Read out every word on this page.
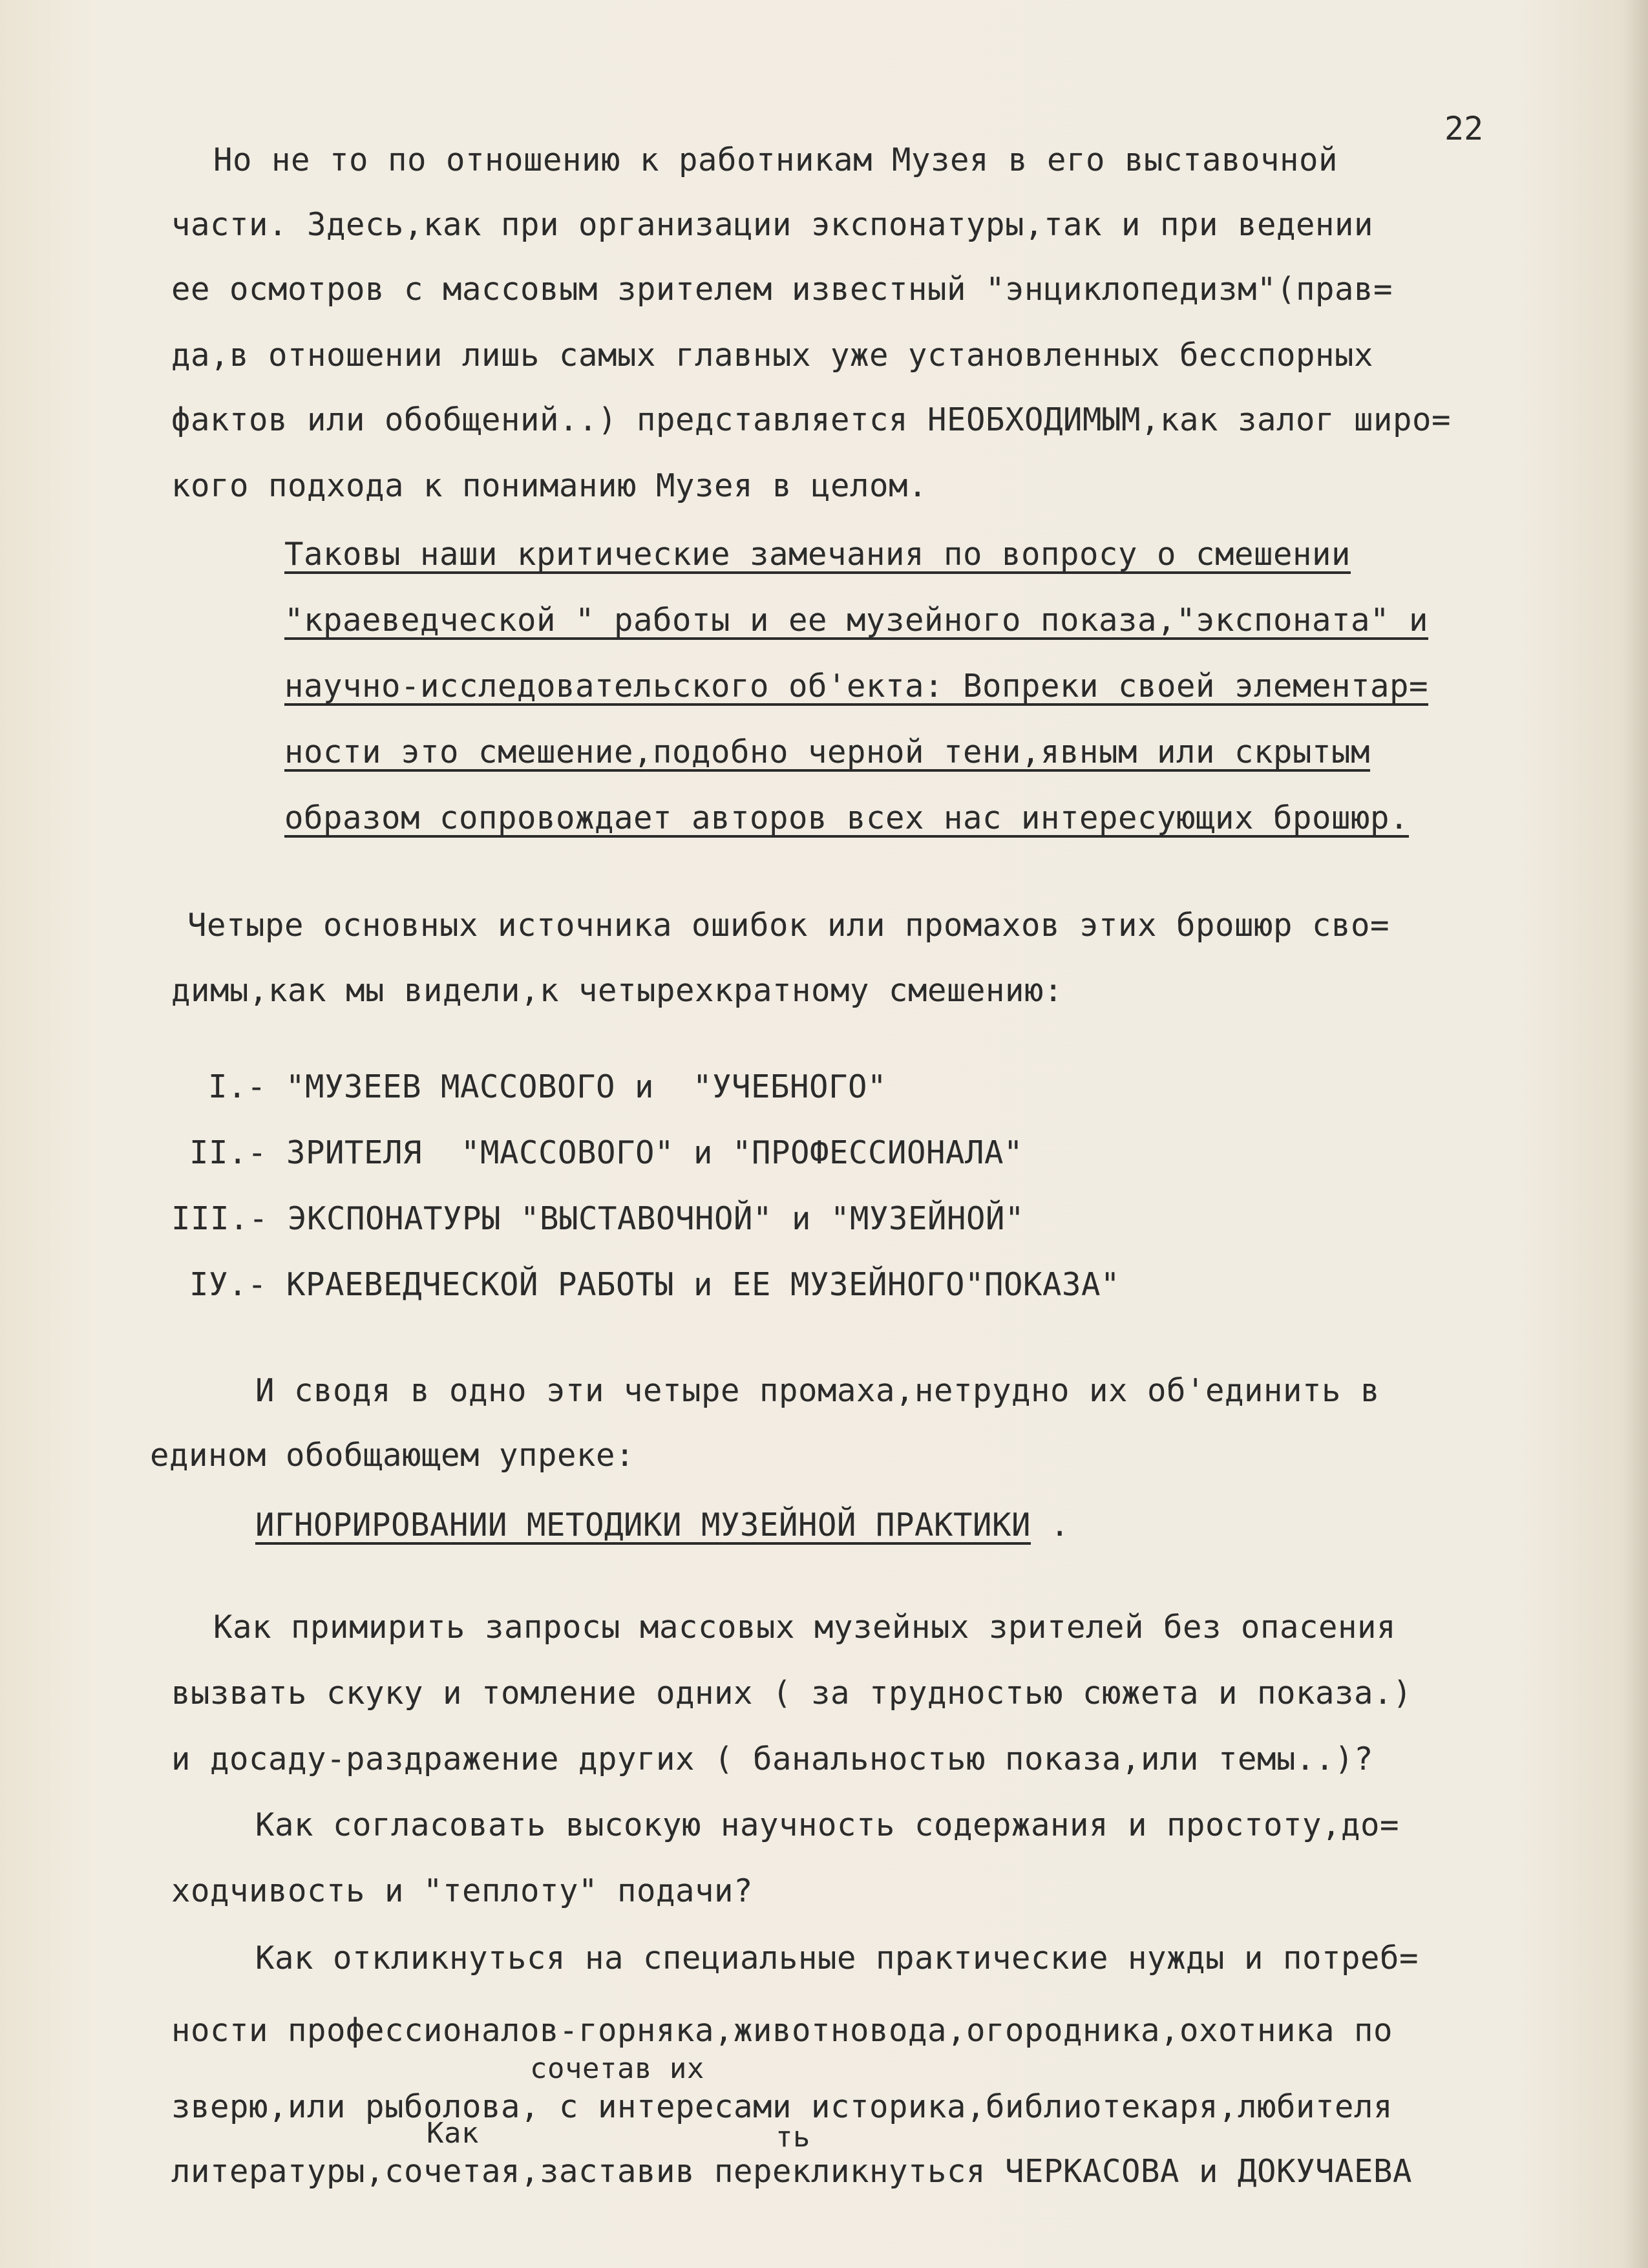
22
Но не то по отношению к работникам Музея в его выставочной
части. Здесь,как при организации экспонатуры,так и при ведении
ее осмотров с массовым зрителем известный "энциклопедизм"(прав=
да,в отношении лишь самых главных уже установленных бесспорных
фактов или обобщений..) представляется НЕОБХОДИМЫМ,как залог широ=
кого подхода к пониманию Музея в целом.
Таковы наши критические замечания по вопросу о смешении
"краеведческой " работы и ее музейного показа,"экспоната" и
научно-исследовательского об'екта: Вопреки своей элементар=
ности это смешение,подобно черной тени,явным или скрытым
образом сопровождает авторов всех нас интересующих брошюр.
Четыре основных источника ошибок или промахов этих брошюр сво=
димы,как мы видели,к четырехкратному смешению:
I.- "МУЗЕЕВ МАССОВОГО и  "УЧЕБНОГО"
II.- ЗРИТЕЛЯ  "МАССОВОГО" и "ПРОФЕССИОНАЛА"
III.- ЭКСПОНАТУРЫ "ВЫСТАВОЧНОЙ" и "МУЗЕЙНОЙ"
IУ.- КРАЕВЕДЧЕСКОЙ РАБОТЫ и ЕЕ МУЗЕЙНОГО"ПОКАЗА"
И сводя в одно эти четыре промаха,нетрудно их об'единить в
едином обобщающем упреке:
ИГНОРИРОВАНИИ МЕТОДИКИ МУЗЕЙНОЙ ПРАКТИКИ .
Как примирить запросы массовых музейных зрителей без опасения
вызвать скуку и томление одних ( за трудностью сюжета и показа.)
и досаду-раздражение других ( банальностью показа,или темы..)?
Как согласовать высокую научность содержания и простоту,до=
ходчивость и "теплоту" подачи?
Как откликнуться на специальные практические нужды и потреб=
ности профессионалов-горняка,животновода,огородника,охотника по
сочетав их
зверю,или рыболова, с интересами историка,библиотекаря,любителя
Как	ть
литературы,сочетая,заставив перекликнуться ЧЕРКАСОВА и ДОКУЧАЕВА
